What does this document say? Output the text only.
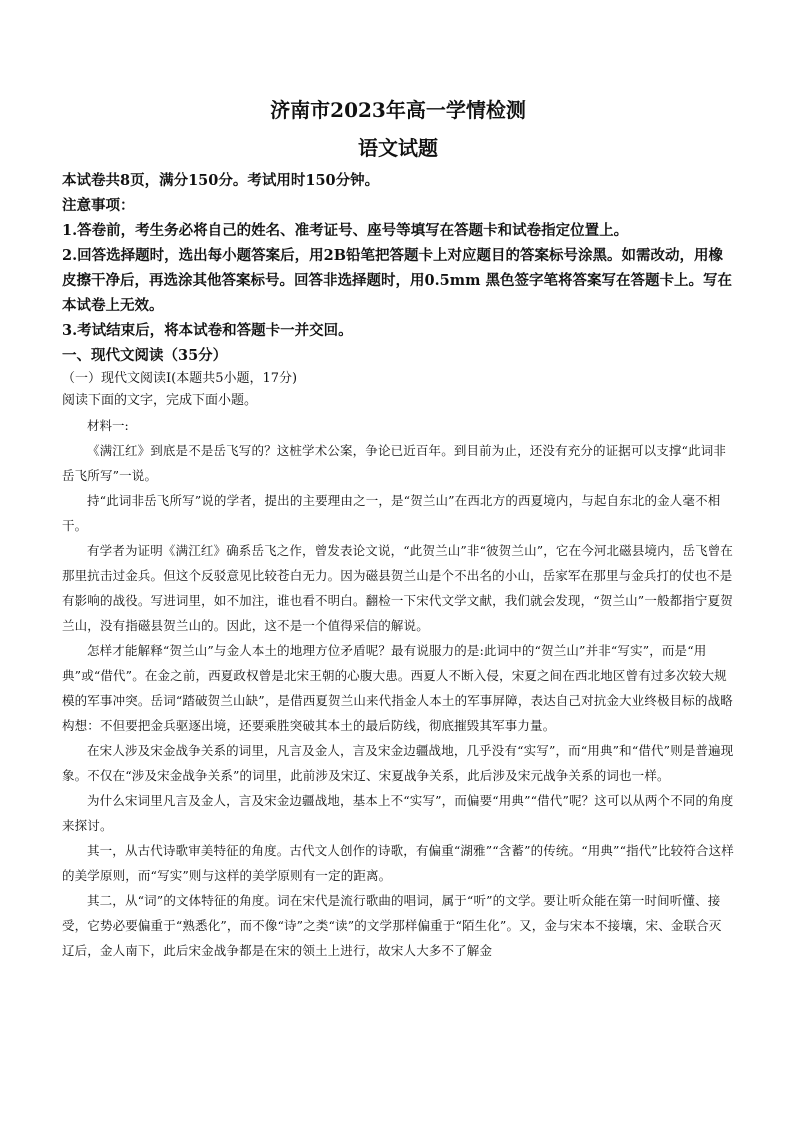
济南市2023年高一学情检测
语文试题

本试卷共8页，满分150分。考试用时150分钟。

注意事项：

1.答卷前，考生务必将自己的姓名、准考证号、座号等填写在答题卡和试卷指定位置上。

2.回答选择题时，选出每小题答案后，用2B铅笔把答题卡上对应题目的答案标号涂黑。如需改动，用橡皮擦干净后，再选涂其他答案标号。回答非选择题时，用0.5mm 黑色签字笔将答案写在答题卡上。写在本试卷上无效。

3.考试结束后，将本试卷和答题卡一并交回。

一、现代文阅读（35分）

（一）现代文阅读Ⅰ(本题共5小题，17分)

阅读下面的文字，完成下面小题。

材料一:

《满江红》到底是不是岳飞写的？这桩学术公案，争论已近百年。到目前为止，还没有充分的证据可以支撑“此词非岳飞所写”一说。

持“此词非岳飞所写”说的学者，提出的主要理由之一，是“贺兰山”在西北方的西夏境内，与起自东北的金人毫不相干。

有学者为证明《满江红》确系岳飞之作，曾发表论文说，“此贺兰山”非“彼贺兰山”，它在今河北磁县境内，岳飞曾在那里抗击过金兵。但这个反驳意见比较苍白无力。因为磁县贺兰山是个不出名的小山，岳家军在那里与金兵打的仗也不是有影响的战役。写进词里，如不加注，谁也看不明白。翻检一下宋代文学文献，我们就会发现，“贺兰山”一般都指宁夏贺兰山，没有指磁县贺兰山的。因此，这不是一个值得采信的解说。

怎样才能解释“贺兰山”与金人本土的地理方位矛盾呢？最有说服力的是:此词中的“贺兰山”并非“写实”，而是“用典”或“借代”。在金之前，西夏政权曾是北宋王朝的心腹大患。西夏人不断入侵，宋夏之间在西北地区曾有过多次较大规模的军事冲突。岳词“踏破贺兰山缺”，是借西夏贺兰山来代指金人本土的军事屏障，表达自己对抗金大业终极目标的战略构想：不但要把金兵驱逐出境，还要乘胜突破其本土的最后防线，彻底摧毁其军事力量。

在宋人涉及宋金战争关系的词里，凡言及金人，言及宋金边疆战地，几乎没有“实写”，而“用典”和“借代”则是普遍现象。不仅在“涉及宋金战争关系”的词里，此前涉及宋辽、宋夏战争关系，此后涉及宋元战争关系的词也一样。

为什么宋词里凡言及金人，言及宋金边疆战地，基本上不“实写”，而偏要“用典”“借代”呢？这可以从两个不同的角度来探讨。

其一，从古代诗歌审美特征的角度。古代文人创作的诗歌，有偏重“湖雅”“含蓄”的传统。“用典”“指代”比较符合这样的美学原则，而“写实”则与这样的美学原则有一定的距离。

其二，从“词”的文体特征的角度。词在宋代是流行歌曲的唱词，属于“听”的文学。要让听众能在第一时间听懂、接受，它势必要偏重于“熟悉化”，而不像“诗”之类“读”的文学那样偏重于“陌生化”。又，金与宋本不接壤，宋、金联合灭辽后，金人南下，此后宋金战争都是在宋的领土上进行，故宋人大多不了解金
